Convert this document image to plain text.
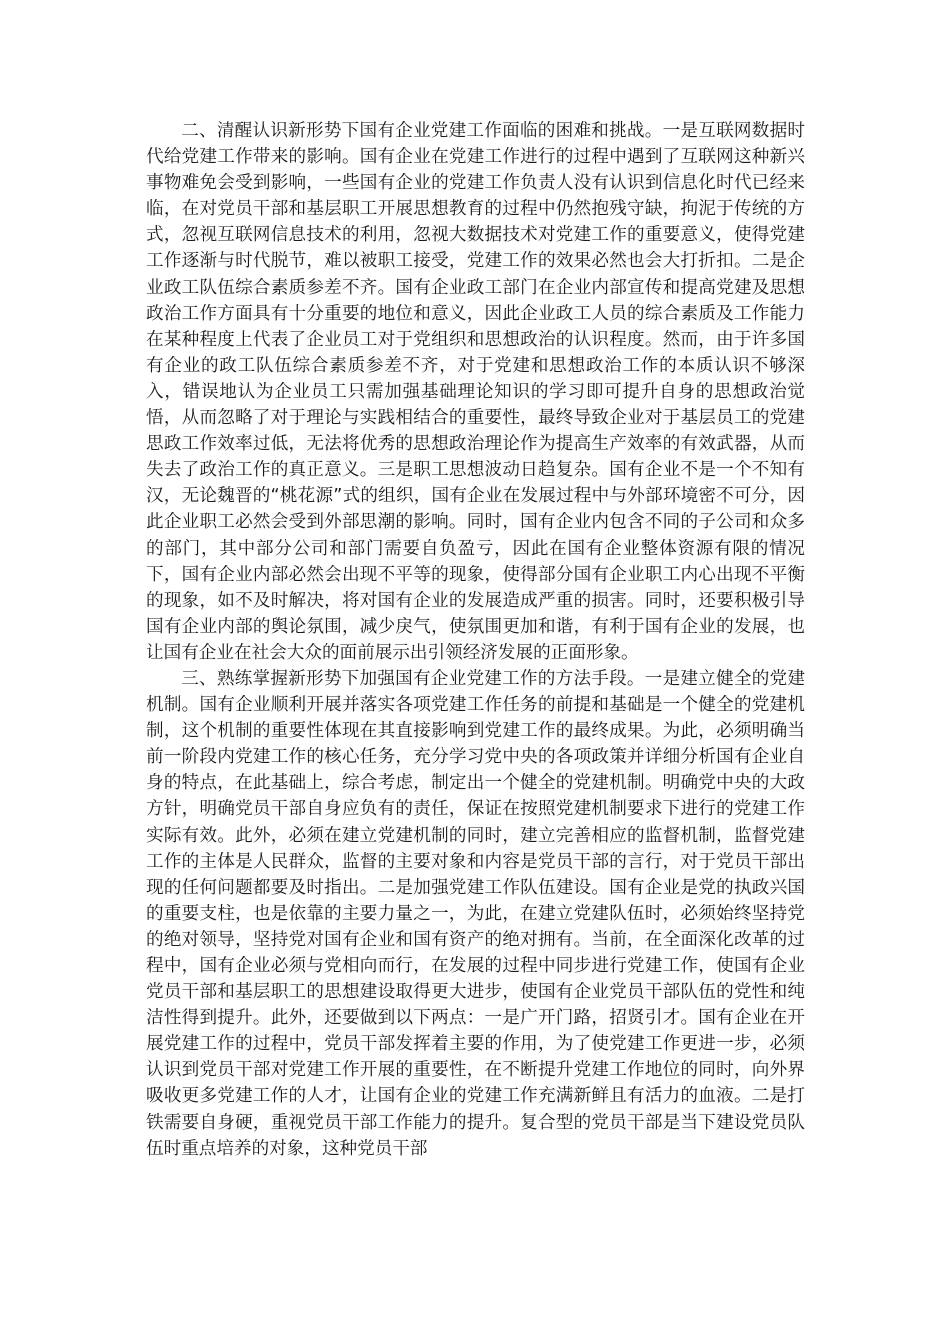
二、清醒认识新形势下国有企业党建工作面临的困难和挑战。一是互联网数据时代给党建工作带来的影响。国有企业在党建工作进行的过程中遇到了互联网这种新兴事物难免会受到影响，一些国有企业的党建工作负责人没有认识到信息化时代已经来临，在对党员干部和基层职工开展思想教育的过程中仍然抱残守缺，拘泥于传统的方式，忽视互联网信息技术的利用，忽视大数据技术对党建工作的重要意义，使得党建工作逐渐与时代脱节，难以被职工接受，党建工作的效果必然也会大打折扣。二是企业政工队伍综合素质参差不齐。国有企业政工部门在企业内部宣传和提高党建及思想政治工作方面具有十分重要的地位和意义，因此企业政工人员的综合素质及工作能力在某种程度上代表了企业员工对于党组织和思想政治的认识程度。然而，由于许多国有企业的政工队伍综合素质参差不齐，对于党建和思想政治工作的本质认识不够深入，错误地认为企业员工只需加强基础理论知识的学习即可提升自身的思想政治觉悟，从而忽略了对于理论与实践相结合的重要性，最终导致企业对于基层员工的党建思政工作效率过低，无法将优秀的思想政治理论作为提高生产效率的有效武器，从而失去了政治工作的真正意义。三是职工思想波动日趋复杂。国有企业不是一个不知有汉，无论魏晋的“桃花源”式的组织，国有企业在发展过程中与外部环境密不可分，因此企业职工必然会受到外部思潮的影响。同时，国有企业内包含不同的子公司和众多的部门，其中部分公司和部门需要自负盈亏，因此在国有企业整体资源有限的情况下，国有企业内部必然会出现不平等的现象，使得部分国有企业职工内心出现不平衡的现象，如不及时解决，将对国有企业的发展造成严重的损害。同时，还要积极引导国有企业内部的舆论氛围，减少戾气，使氛围更加和谐，有利于国有企业的发展，也让国有企业在社会大众的面前展示出引领经济发展的正面形象。

三、熟练掌握新形势下加强国有企业党建工作的方法手段。一是建立健全的党建机制。国有企业顺利开展并落实各项党建工作任务的前提和基础是一个健全的党建机制，这个机制的重要性体现在其直接影响到党建工作的最终成果。为此，必须明确当前一阶段内党建工作的核心任务，充分学习党中央的各项政策并详细分析国有企业自身的特点，在此基础上，综合考虑，制定出一个健全的党建机制。明确党中央的大政方针，明确党员干部自身应负有的责任，保证在按照党建机制要求下进行的党建工作实际有效。此外，必须在建立党建机制的同时，建立完善相应的监督机制，监督党建工作的主体是人民群众，监督的主要对象和内容是党员干部的言行，对于党员干部出现的任何问题都要及时指出。二是加强党建工作队伍建设。国有企业是党的执政兴国的重要支柱，也是依靠的主要力量之一，为此，在建立党建队伍时，必须始终坚持党的绝对领导，坚持党对国有企业和国有资产的绝对拥有。当前，在全面深化改革的过程中，国有企业必须与党相向而行，在发展的过程中同步进行党建工作，使国有企业党员干部和基层职工的思想建设取得更大进步，使国有企业党员干部队伍的党性和纯洁性得到提升。此外，还要做到以下两点：一是广开门路，招贤引才。国有企业在开展党建工作的过程中，党员干部发挥着主要的作用，为了使党建工作更进一步，必须认识到党员干部对党建工作开展的重要性，在不断提升党建工作地位的同时，向外界吸收更多党建工作的人才，让国有企业的党建工作充满新鲜且有活力的血液。二是打铁需要自身硬，重视党员干部工作能力的提升。复合型的党员干部是当下建设党员队伍时重点培养的对象，这种党员干部
